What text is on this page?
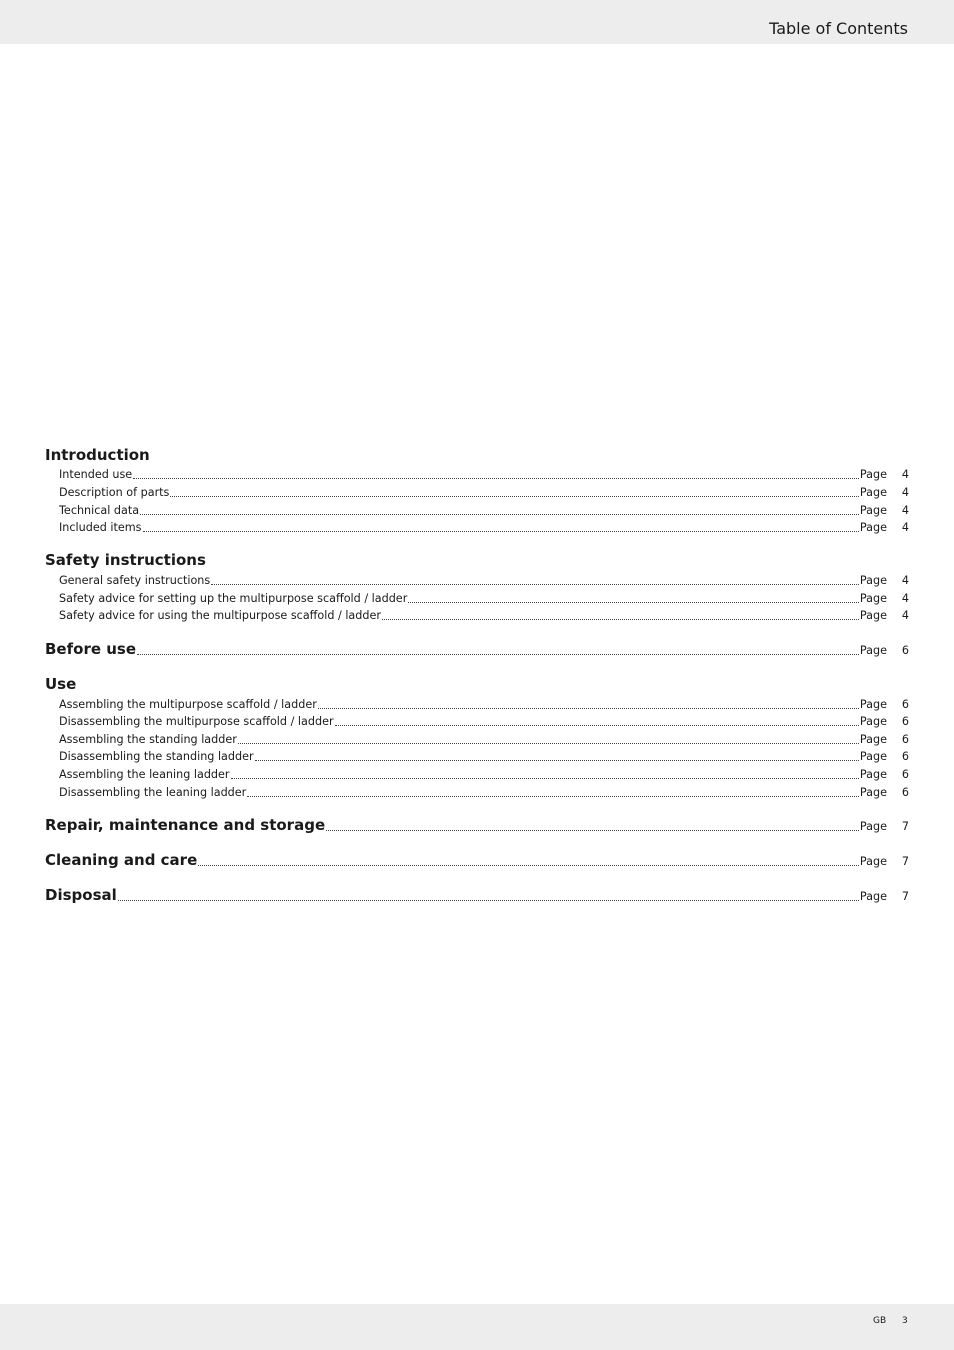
Table of Contents
Introduction
Intended use	Page	4
Description of parts	Page	4
Technical data	Page	4
Included items	Page	4
Safety instructions
General safety instructions	Page	4
Safety advice for setting up the multipurpose scaffold / ladder	Page	4
Safety advice for using the multipurpose scaffold / ladder	Page	4
Before use	Page	6
Use
Assembling the multipurpose scaffold / ladder	Page	6
Disassembling the multipurpose scaffold / ladder	Page	6
Assembling the standing ladder	Page	6
Disassembling the standing ladder	Page	6
Assembling the leaning ladder	Page	6
Disassembling the leaning ladder	Page	6
Repair, maintenance and storage	Page	7
Cleaning and care	Page	7
Disposal	Page	7
GB 3
